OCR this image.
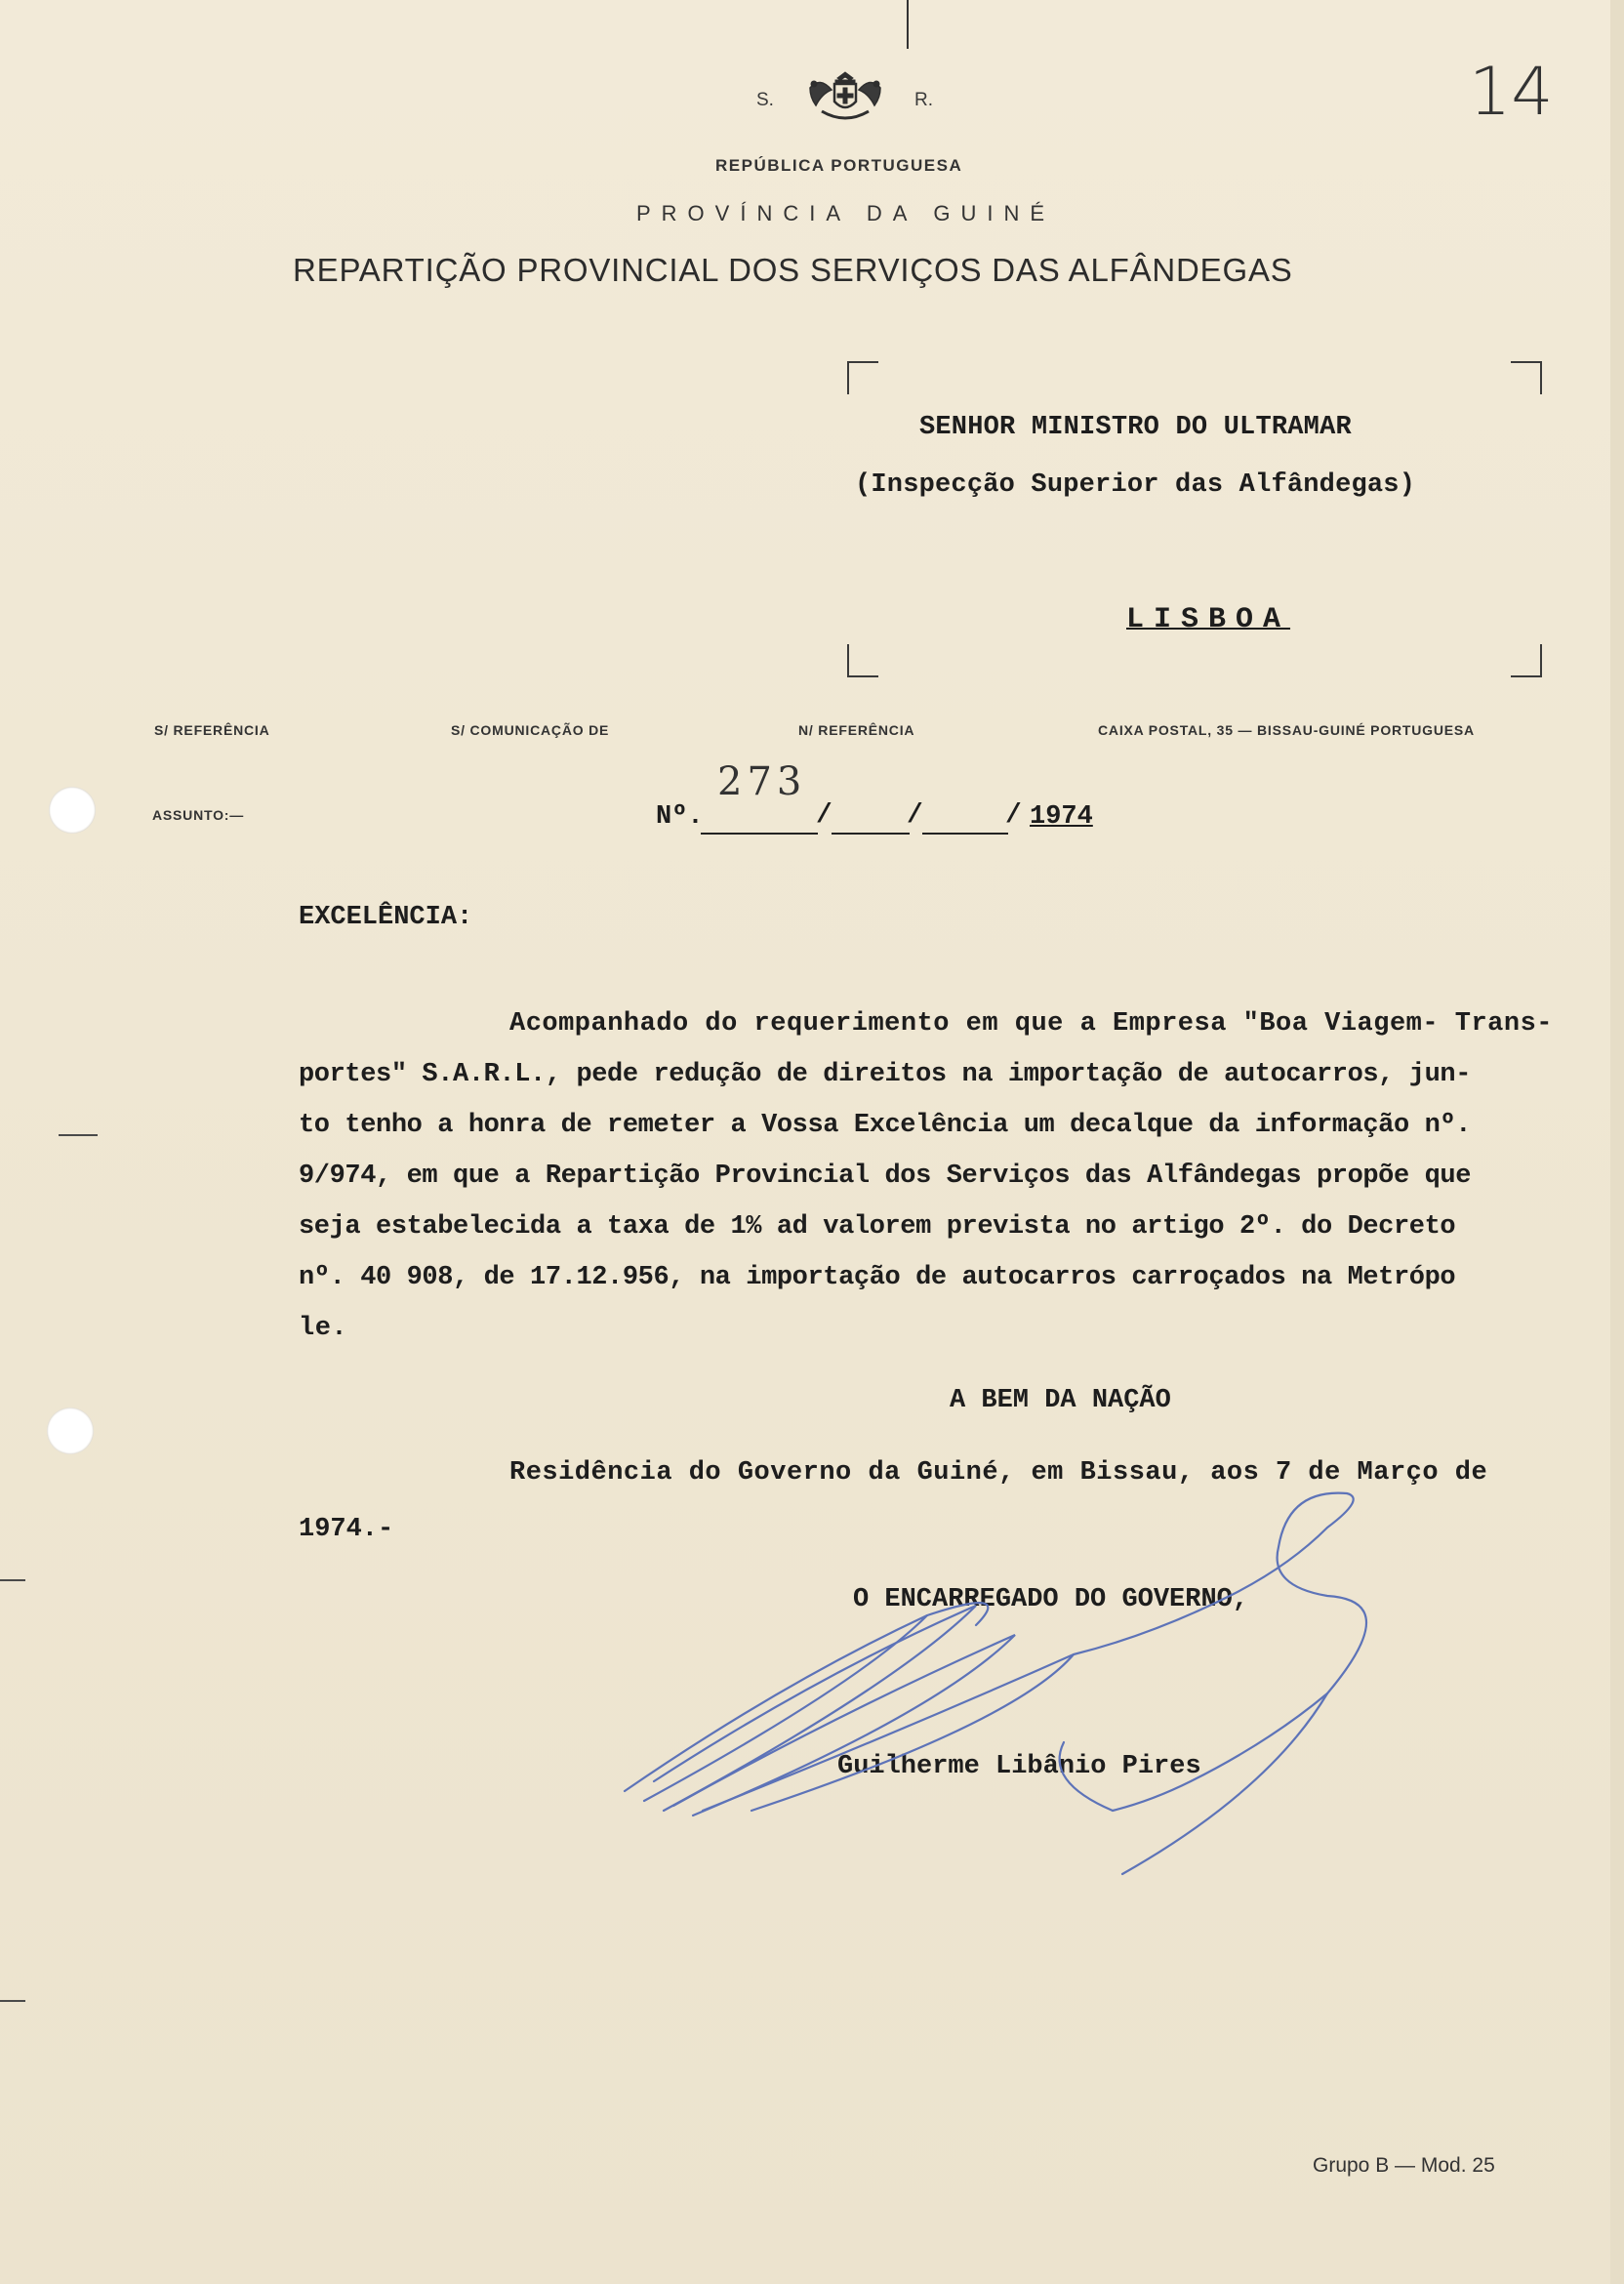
14
S.	R.
REPÚBLICA PORTUGUESA
PROVÍNCIA DA GUINÉ
REPARTIÇÃO PROVINCIAL DOS SERVIÇOS DAS ALFÂNDEGAS
SENHOR MINISTRO DO ULTRAMAR
(Inspecção Superior das Alfândegas)
LISBOA
S/ REFERÊNCIA	S/ COMUNICAÇÃO DE	N/ REFERÊNCIA	CAIXA POSTAL, 35 — BISSAU-GUINÉ PORTUGUESA
ASSUNTO:—	Nº.
273
/	/	/ 1974
EXCELÊNCIA:
Acompanhado do requerimento em que a Empresa "Boa Viagem- Trans-
portes" S.A.R.L., pede redução de direitos na importação de autocarros, jun-
to tenho a honra de remeter a Vossa Excelência um decalque da informação nº.
9/974, em que a Repartição Provincial dos Serviços das Alfândegas propõe que
seja estabelecida a taxa de 1% ad valorem prevista no artigo 2º. do Decreto
nº. 40 908, de 17.12.956, na importação de autocarros carroçados na Metrópo
le.
A BEM DA NAÇÃO
Residência do Governo da Guiné, em Bissau, aos 7 de Março de
1974.-
O ENCARREGADO DO GOVERNO,
Guilherme Libânio Pires
Grupo B — Mod. 25
